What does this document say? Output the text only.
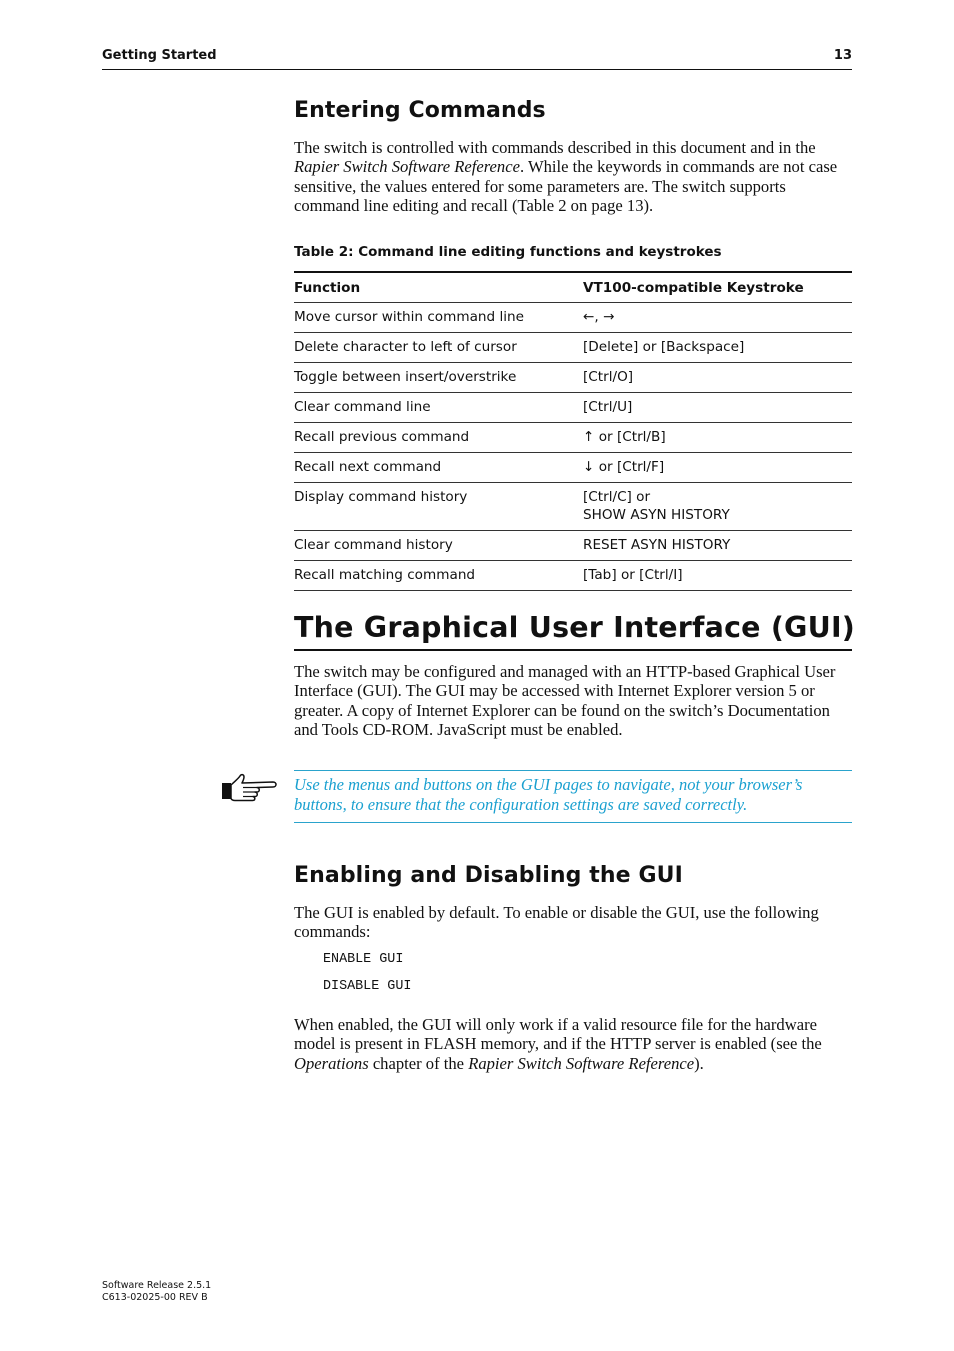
Getting Started	13
Entering Commands

The switch is controlled with commands described in this document and in the Rapier Switch Software Reference. While the keywords in commands are not case sensitive, the values entered for some parameters are. The switch supports command line editing and recall (Table 2 on page 13).

Table 2: Command line editing functions and keystrokes
Function	VT100-compatible Keystroke
Move cursor within command line	←, →

Delete character to left of cursor	[Delete] or [Backspace]

Toggle between insert/overstrike	[Ctrl/O]

Clear command line	[Ctrl/U]

Recall previous command	↑ or [Ctrl/B]

Recall next command	↓ or [Ctrl/F]

Display command history	[Ctrl/C] or
SHOW ASYN HISTORY

Clear command history	RESET ASYN HISTORY

Recall matching command	[Tab] or [Ctrl/I]
The Graphical User Interface (GUI)

The switch may be configured and managed with an HTTP-based Graphical User Interface (GUI). The GUI may be accessed with Internet Explorer version 5 or greater. A copy of Internet Explorer can be found on the switch’s Documentation and Tools CD-ROM. JavaScript must be enabled.

Use the menus and buttons on the GUI pages to navigate, not your browser’s buttons, to ensure that the configuration settings are saved correctly.
Enabling and Disabling the GUI

The GUI is enabled by default. To enable or disable the GUI, use the following commands:

ENABLE GUI
DISABLE GUI

When enabled, the GUI will only work if a valid resource file for the hardware model is present in FLASH memory, and if the HTTP server is enabled (see the Operations chapter of the Rapier Switch Software Reference).

Software Release 2.5.1
C613-02025-00 REV B
